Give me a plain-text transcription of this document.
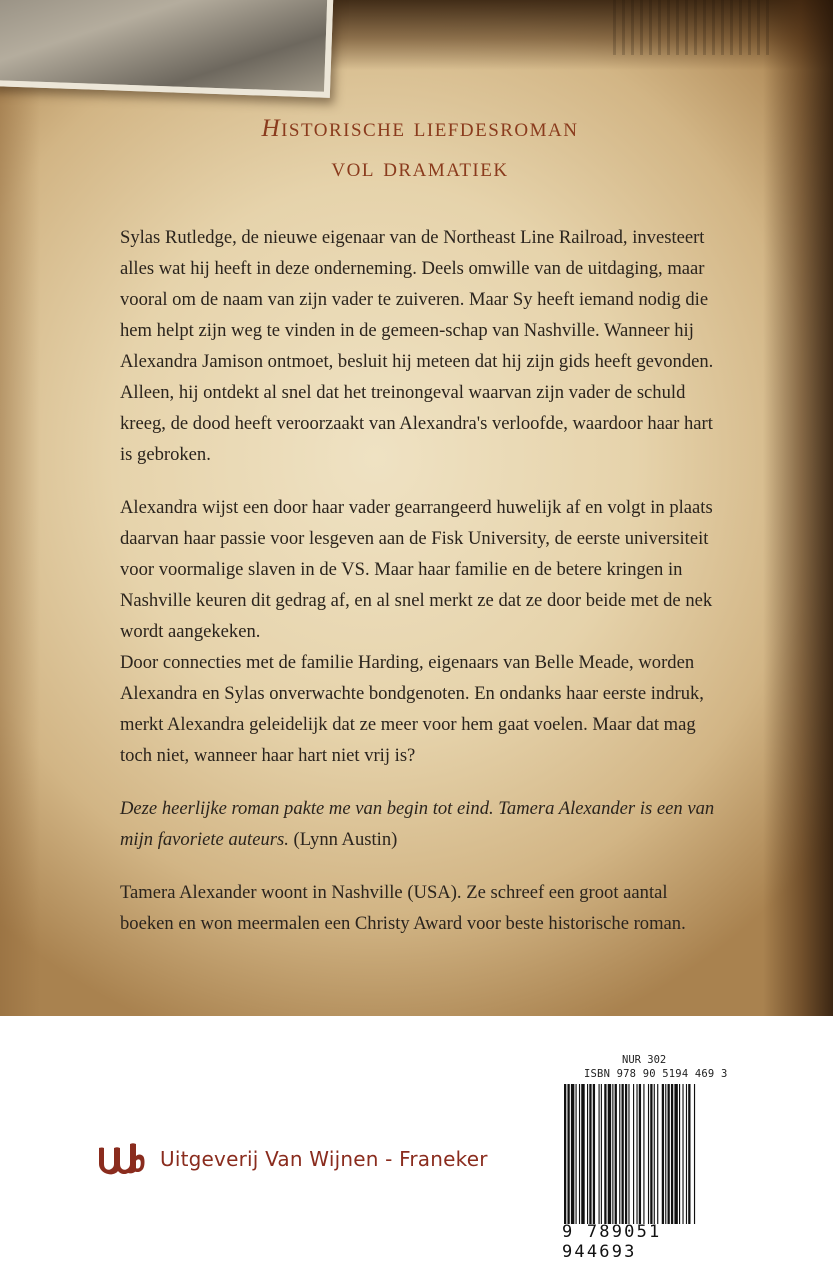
historische liefdesroman
vol dramatiek

Sylas Rutledge, de nieuwe eigenaar van de Northeast Line Railroad, investeert alles wat hij heeft in deze onderneming. Deels omwille van de uitdaging, maar vooral om de naam van zijn vader te zuiveren. Maar Sy heeft iemand nodig die hem helpt zijn weg te vinden in de gemeen-schap van Nashville. Wanneer hij Alexandra Jamison ontmoet, besluit hij meteen dat hij zijn gids heeft gevonden. Alleen, hij ontdekt al snel dat het treinongeval waarvan zijn vader de schuld kreeg, de dood heeft veroorzaakt van Alexandra's verloofde, waardoor haar hart is gebroken.

Alexandra wijst een door haar vader gearrangeerd huwelijk af en volgt in plaats daarvan haar passie voor lesgeven aan de Fisk University, de eerste universiteit voor voormalige slaven in de VS. Maar haar familie en de betere kringen in Nashville keuren dit gedrag af, en al snel merkt ze dat ze door beide met de nek wordt aangekeken.

Door connecties met de familie Harding, eigenaars van Belle Meade, worden Alexandra en Sylas onverwachte bondgenoten. En ondanks haar eerste indruk, merkt Alexandra geleidelijk dat ze meer voor hem gaat voelen. Maar dat mag toch niet, wanneer haar hart niet vrij is?

Deze heerlijke roman pakte me van begin tot eind. Tamera Alexander is een van mijn favoriete auteurs. (Lynn Austin)

Tamera Alexander woont in Nashville (USA). Ze schreef een groot aantal boeken en won meermalen een Christy Award voor beste historische roman.

Uitgeverij Van Wijnen - Franeker
NUR 302
ISBN 978 90 5194 469 3
9 789051 944693
